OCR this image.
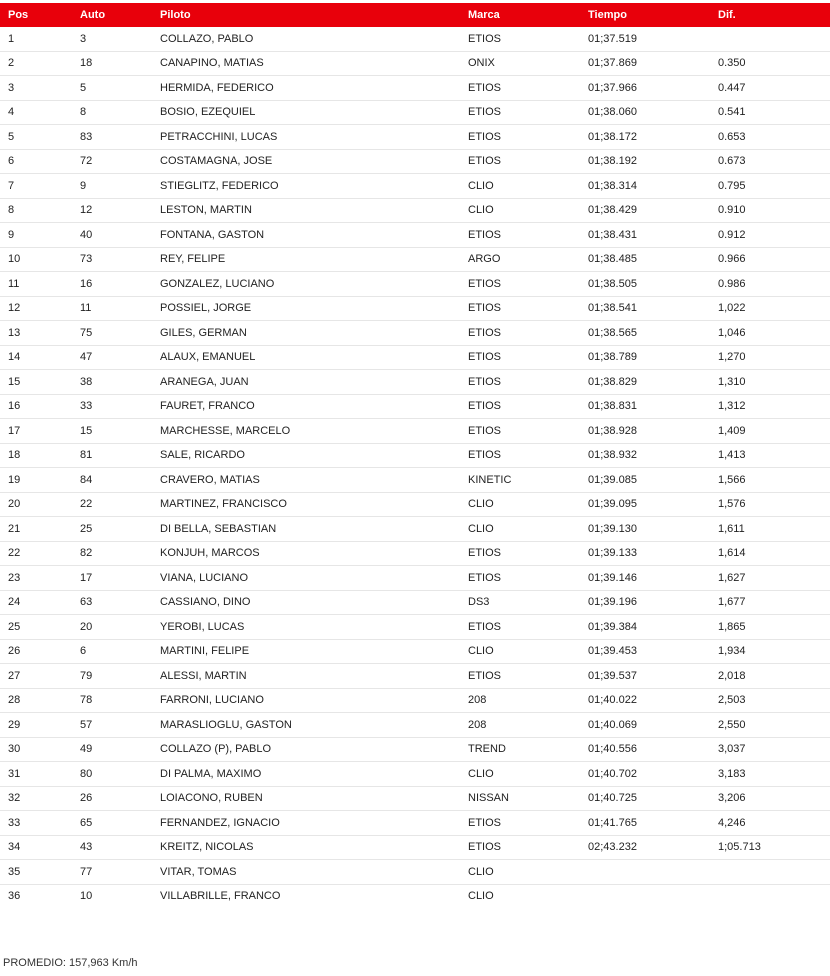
Pos	Auto	Piloto	Marca	Tiempo	Dif.
1	3	COLLAZO, PABLO	ETIOS	01;37.519	
2	18	CANAPINO, MATIAS	ONIX	01;37.869	0.350
3	5	HERMIDA, FEDERICO	ETIOS	01;37.966	0.447
4	8	BOSIO, EZEQUIEL	ETIOS	01;38.060	0.541
5	83	PETRACCHINI, LUCAS	ETIOS	01;38.172	0.653
6	72	COSTAMAGNA, JOSE	ETIOS	01;38.192	0.673
7	9	STIEGLITZ, FEDERICO	CLIO	01;38.314	0.795
8	12	LESTON, MARTIN	CLIO	01;38.429	0.910
9	40	FONTANA, GASTON	ETIOS	01;38.431	0.912
10	73	REY, FELIPE	ARGO	01;38.485	0.966
11	16	GONZALEZ, LUCIANO	ETIOS	01;38.505	0.986
12	11	POSSIEL, JORGE	ETIOS	01;38.541	1,022
13	75	GILES, GERMAN	ETIOS	01;38.565	1,046
14	47	ALAUX, EMANUEL	ETIOS	01;38.789	1,270
15	38	ARANEGA, JUAN	ETIOS	01;38.829	1,310
16	33	FAURET, FRANCO	ETIOS	01;38.831	1,312
17	15	MARCHESSE, MARCELO	ETIOS	01;38.928	1,409
18	81	SALE, RICARDO	ETIOS	01;38.932	1,413
19	84	CRAVERO, MATIAS	KINETIC	01;39.085	1,566
20	22	MARTINEZ, FRANCISCO	CLIO	01;39.095	1,576
21	25	DI BELLA, SEBASTIAN	CLIO	01;39.130	1,611
22	82	KONJUH, MARCOS	ETIOS	01;39.133	1,614
23	17	VIANA, LUCIANO	ETIOS	01;39.146	1,627
24	63	CASSIANO, DINO	DS3	01;39.196	1,677
25	20	YEROBI, LUCAS	ETIOS	01;39.384	1,865
26	6	MARTINI, FELIPE	CLIO	01;39.453	1,934
27	79	ALESSI, MARTIN	ETIOS	01;39.537	2,018
28	78	FARRONI, LUCIANO	208	01;40.022	2,503
29	57	MARASLIOGLU, GASTON	208	01;40.069	2,550
30	49	COLLAZO (P), PABLO	TREND	01;40.556	3,037
31	80	DI PALMA, MAXIMO	CLIO	01;40.702	3,183
32	26	LOIACONO, RUBEN	NISSAN	01;40.725	3,206
33	65	FERNANDEZ, IGNACIO	ETIOS	01;41.765	4,246
34	43	KREITZ, NICOLAS	ETIOS	02;43.232	1;05.713
35	77	VITAR, TOMAS	CLIO		
36	10	VILLABRILLE, FRANCO	CLIO		
PROMEDIO: 157,963 Km/h
